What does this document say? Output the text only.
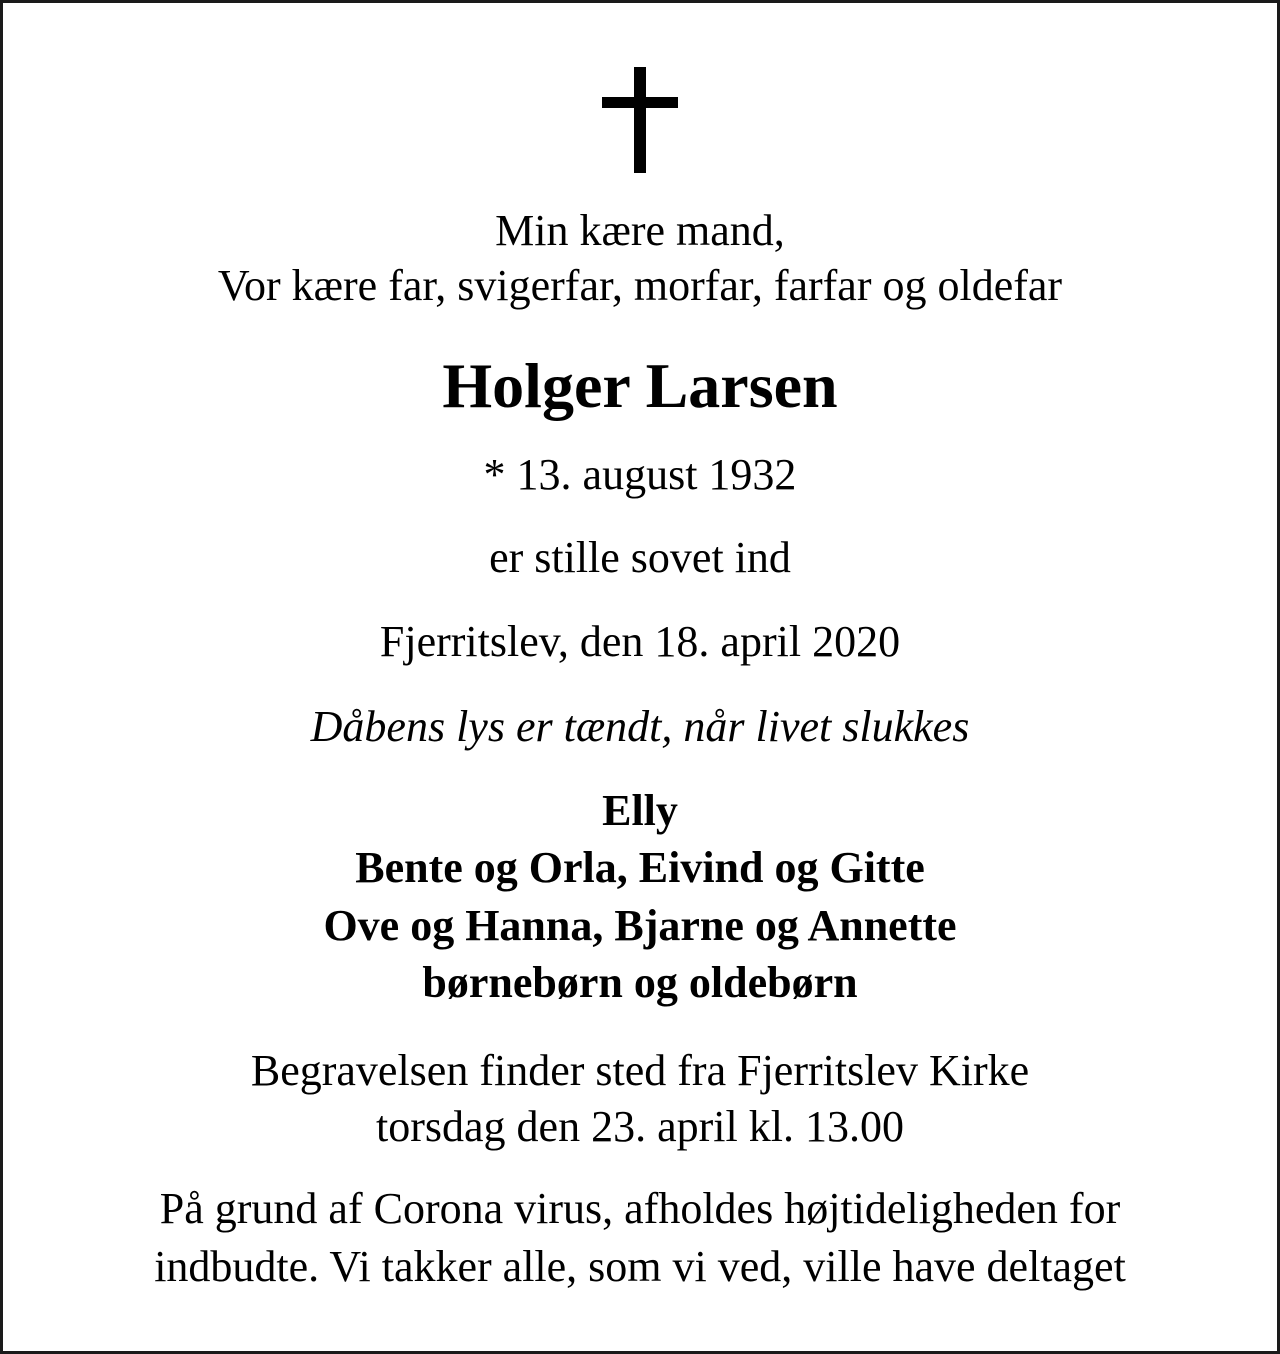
Min kære mand,
Vor kære far, svigerfar, morfar, farfar og oldefar
Holger Larsen
* 13. august 1932
er stille sovet ind
Fjerritslev, den 18. april 2020
Dåbens lys er tændt, når livet slukkes
Elly
Bente og Orla, Eivind og Gitte
Ove og Hanna, Bjarne og Annette
børnebørn og oldebørn
Begravelsen finder sted fra Fjerritslev Kirke
torsdag den 23. april kl. 13.00
På grund af Corona virus, afholdes højtideligheden for
indbudte. Vi takker alle, som vi ved, ville have deltaget
